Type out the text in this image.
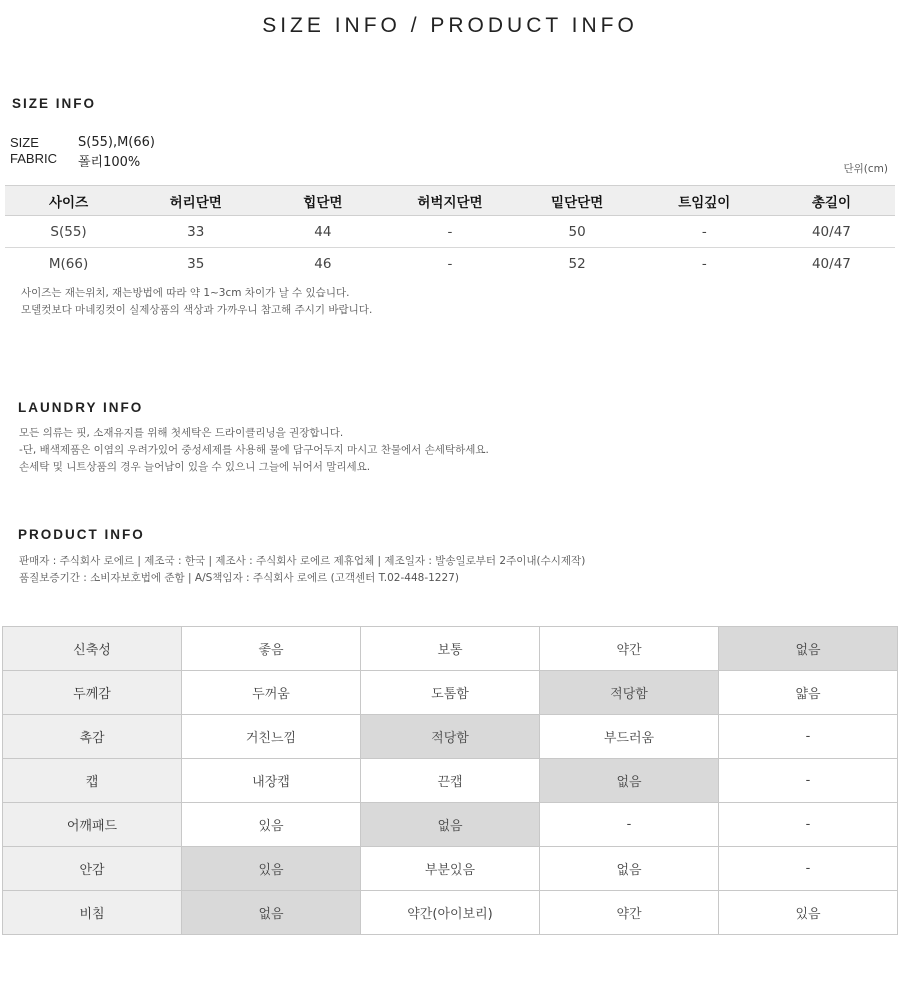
SIZE INFO / PRODUCT INFO
SIZE INFO
SIZE	S(55),M(66)
FABRIC	폴리100%	단위(cm)
사이즈	허리단면	힙단면	허벅지단면	밑단단면	트임깊이	총길이
S(55)	33	44	-	50	-	40/47
M(66)	35	46	-	52	-	40/47

사이즈는 재는위치, 재는방법에 따라 약 1~3cm 차이가 날 수 있습니다.

모델컷보다 마네킹컷이 실제상품의 색상과 가까우니 참고해 주시기 바랍니다.

LAUNDRY INFO

모든 의류는 핏, 소재유지를 위해 첫세탁은 드라이클리닝을 권장합니다.

-단, 배색제품은 이염의 우려가있어 중성세제를 사용해 물에 담구어두지 마시고 찬물에서 손세탁하세요.

손세탁 및 니트상품의 경우 늘어남이 있을 수 있으니 그늘에 뉘어서 말리세요.

PRODUCT INFO

판매자 : 주식회사 로에르 | 제조국 : 한국 | 제조사 : 주식회사 로에르 제휴업체 | 제조일자 : 발송일로부터 2주이내(수시제작)

품질보증기간 : 소비자보호법에 준함 | A/S책임자 : 주식회사 로에르 (고객센터 T.02-448-1227)

신축성	좋음	보통	약간	없음
두께감	두꺼움	도톰함	적당함	얇음
촉감	거친느낌	적당함	부드러움	-
캡	내장캡	끈캡	없음	-
어깨패드	있음	없음	-	-
안감	있음	부분있음	없음	-
비침	없음	약간(아이보리)	약간	있음
